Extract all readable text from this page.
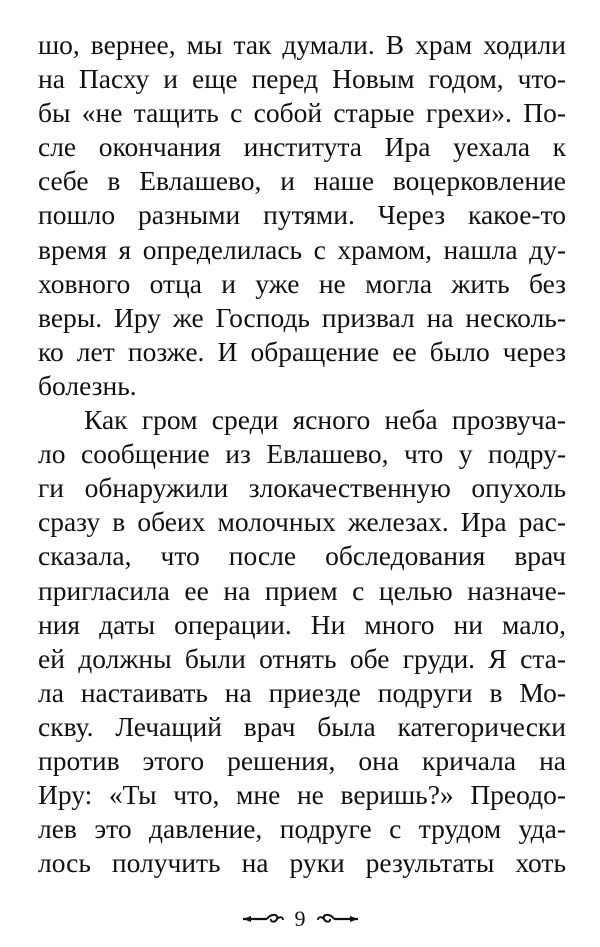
шо, вернее, мы так думали. В храм ходили
на Пасху и еще перед Новым годом, что-
бы «не тащить с собой старые грехи». По-
сле окончания института Ира уехала к
себе в Евлашево, и наше воцерковление
пошло разными путями. Через какое-то
время я определилась с храмом, нашла ду-
ховного отца и уже не могла жить без
веры. Иру же Господь призвал на несколь-
ко лет позже. И обращение ее было через
болезнь.
Как гром среди ясного неба прозвуча-
ло сообщение из Евлашево, что у подру-
ги обнаружили злокачественную опухоль
сразу в обеих молочных железах. Ира рас-
сказала, что после обследования врач
пригласила ее на прием с целью назначе-
ния даты операции. Ни много ни мало,
ей должны были отнять обе груди. Я ста-
ла настаивать на приезде подруги в Мо-
скву. Лечащий врач была категорически
против этого решения, она кричала на
Иру: «Ты что, мне не веришь?» Преодо-
лев это давление, подруге с трудом уда-
лось получить на руки результаты хоть
9
